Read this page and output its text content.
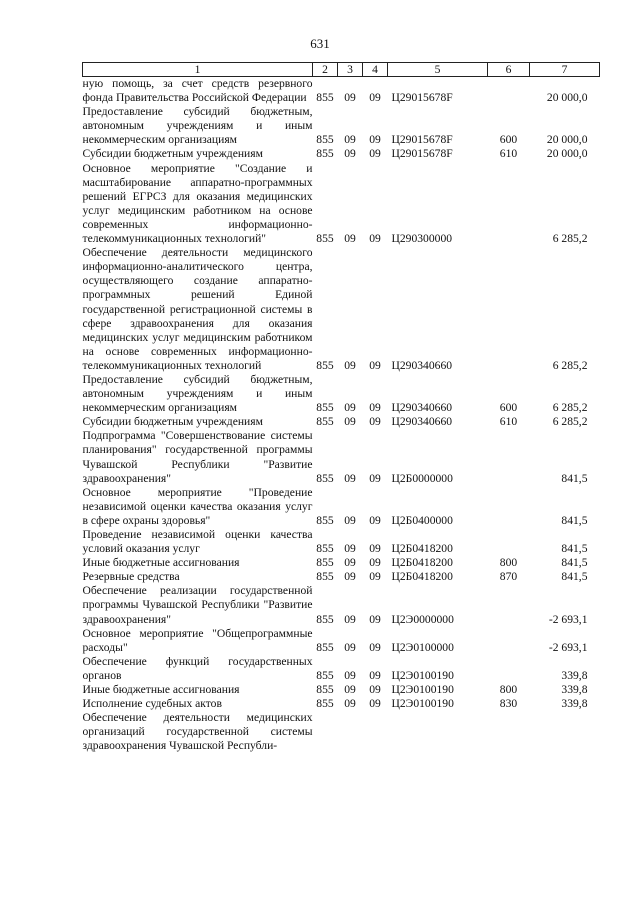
631
1	2	3	4	5	6	7
ную помощь, за счет средств резервного фонда Правительства Российской Федерации	855	09	09	Ц29015678F		20 000,0
Предоставление субсидий бюджетным, автономным учреждениям и иным некоммерческим организациям	855	09	09	Ц29015678F	600	20 000,0
Субсидии бюджетным учреждениям	855	09	09	Ц29015678F	610	20 000,0
Основное мероприятие "Создание и масштабирование аппаратно-программных решений ЕГРСЗ для оказания медицинских услуг медицинским работником на основе современных информационно-телекоммуникационных технологий"	855	09	09	Ц290300000		6 285,2
Обеспечение деятельности медицинского информационно-аналитического центра, осуществляющего создание аппаратно-программных решений Единой государственной регистрационной системы в сфере здравоохранения для оказания медицинских услуг медицинским работником на основе современных информационно-телекоммуникационных технологий	855	09	09	Ц290340660		6 285,2
Предоставление субсидий бюджетным, автономным учреждениям и иным некоммерческим организациям	855	09	09	Ц290340660	600	6 285,2
Субсидии бюджетным учреждениям	855	09	09	Ц290340660	610	6 285,2
Подпрограмма "Совершенствование системы планирования" государственной программы Чувашской Республики "Развитие здравоохранения"	855	09	09	Ц2Б0000000		841,5
Основное мероприятие "Проведение независимой оценки качества оказания услуг в сфере охраны здоровья"	855	09	09	Ц2Б0400000		841,5
Проведение независимой оценки качества условий оказания услуг	855	09	09	Ц2Б0418200		841,5
Иные бюджетные ассигнования	855	09	09	Ц2Б0418200	800	841,5
Резервные средства	855	09	09	Ц2Б0418200	870	841,5
Обеспечение реализации государственной программы Чувашской Республики "Развитие здравоохранения"	855	09	09	Ц2Э0000000		-2 693,1
Основное мероприятие "Общепрограммные расходы"	855	09	09	Ц2Э0100000		-2 693,1
Обеспечение функций государственных органов	855	09	09	Ц2Э0100190		339,8
Иные бюджетные ассигнования	855	09	09	Ц2Э0100190	800	339,8
Исполнение судебных актов	855	09	09	Ц2Э0100190	830	339,8
Обеспечение деятельности медицинских организаций государственной системы здравоохранения Чувашской Республи-						
